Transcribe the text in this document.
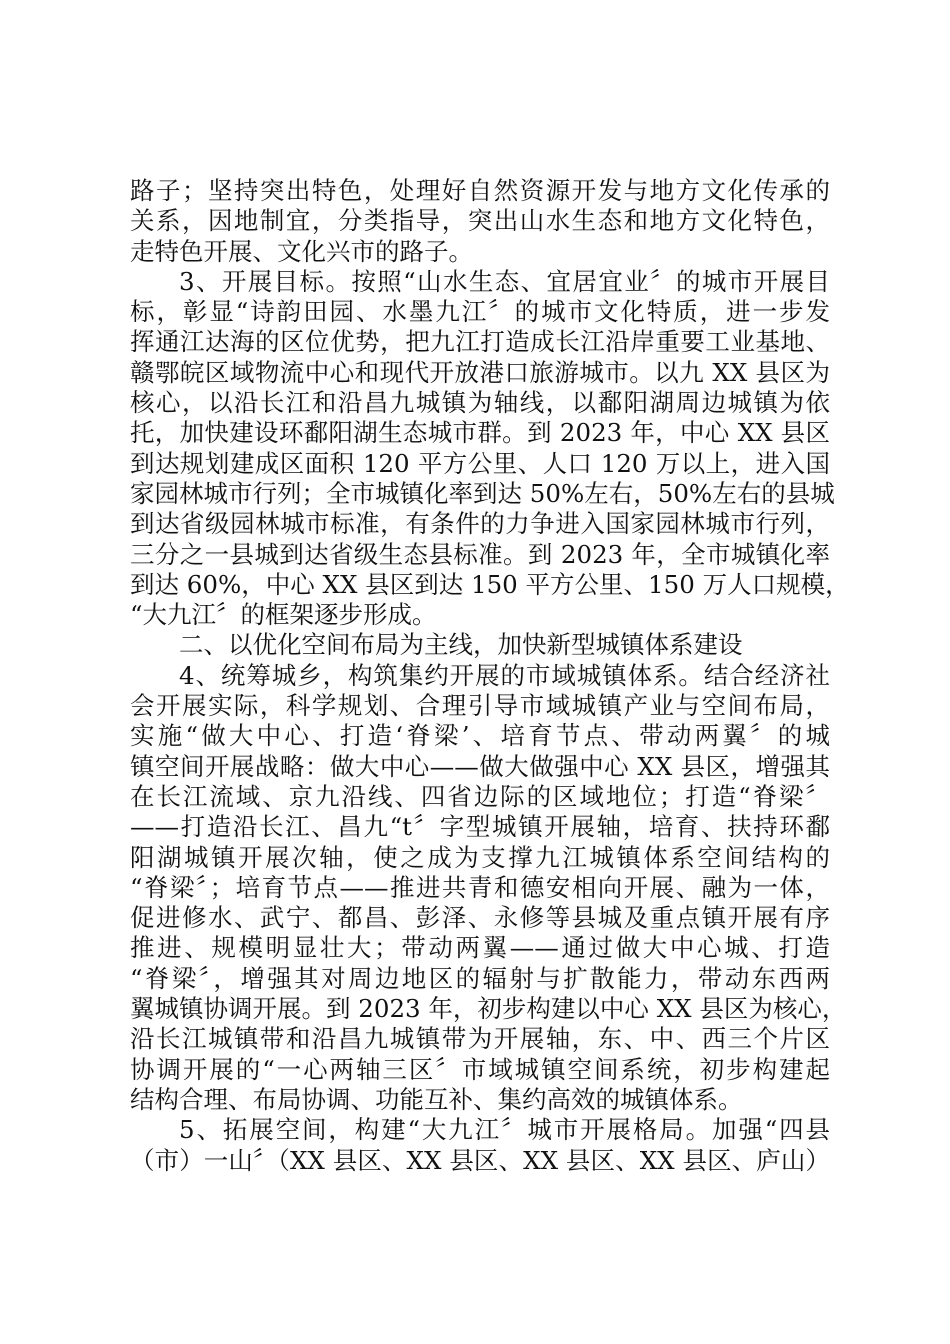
路子；坚持突出特色，处理好自然资源开发与地方文化传承的
关系，因地制宜，分类指导，突出山水生态和地方文化特色，
走特色开展、文化兴市的路子。
3、开展目标。按照“山水生态、宜居宜业〞的城市开展目
标，彰显“诗韵田园、水墨九江〞的城市文化特质，进一步发
挥通江达海的区位优势，把九江打造成长江沿岸重要工业基地、
赣鄂皖区域物流中心和现代开放港口旅游城市。以九 XX 县区为
核心，以沿长江和沿昌九城镇为轴线，以鄱阳湖周边城镇为依
托，加快建设环鄱阳湖生态城市群。到 2023 年，中心 XX 县区
到达规划建成区面积 120 平方公里、人口 120 万以上，进入国
家园林城市行列；全市城镇化率到达 50%左右，50%左右的县城
到达省级园林城市标准，有条件的力争进入国家园林城市行列，
三分之一县城到达省级生态县标准。到 2023 年，全市城镇化率
到达 60%，中心 XX 县区到达 150 平方公里、150 万人口规模，
“大九江〞的框架逐步形成。
二、以优化空间布局为主线，加快新型城镇体系建设
4、统筹城乡，构筑集约开展的市域城镇体系。结合经济社
会开展实际，科学规划、合理引导市域城镇产业与空间布局，
实施“做大中心、打造‘脊梁’、培育节点、带动两翼〞的城
镇空间开展战略：做大中心——做大做强中心 XX 县区，增强其
在长江流域、京九沿线、四省边际的区域地位；打造“脊梁〞
——打造沿长江、昌九“t〞字型城镇开展轴，培育、扶持环鄱
阳湖城镇开展次轴，使之成为支撑九江城镇体系空间结构的
“脊梁〞；培育节点——推进共青和德安相向开展、融为一体，
促进修水、武宁、都昌、彭泽、永修等县城及重点镇开展有序
推进、规模明显壮大；带动两翼——通过做大中心城、打造
“脊梁〞，增强其对周边地区的辐射与扩散能力，带动东西两
翼城镇协调开展。到 2023 年，初步构建以中心 XX 县区为核心，
沿长江城镇带和沿昌九城镇带为开展轴，东、中、西三个片区
协调开展的“一心两轴三区〞市域城镇空间系统，初步构建起
结构合理、布局协调、功能互补、集约高效的城镇体系。
5、拓展空间，构建“大九江〞城市开展格局。加强“四县
（市）一山〞（XX 县区、XX 县区、XX 县区、XX 县区、庐山）
